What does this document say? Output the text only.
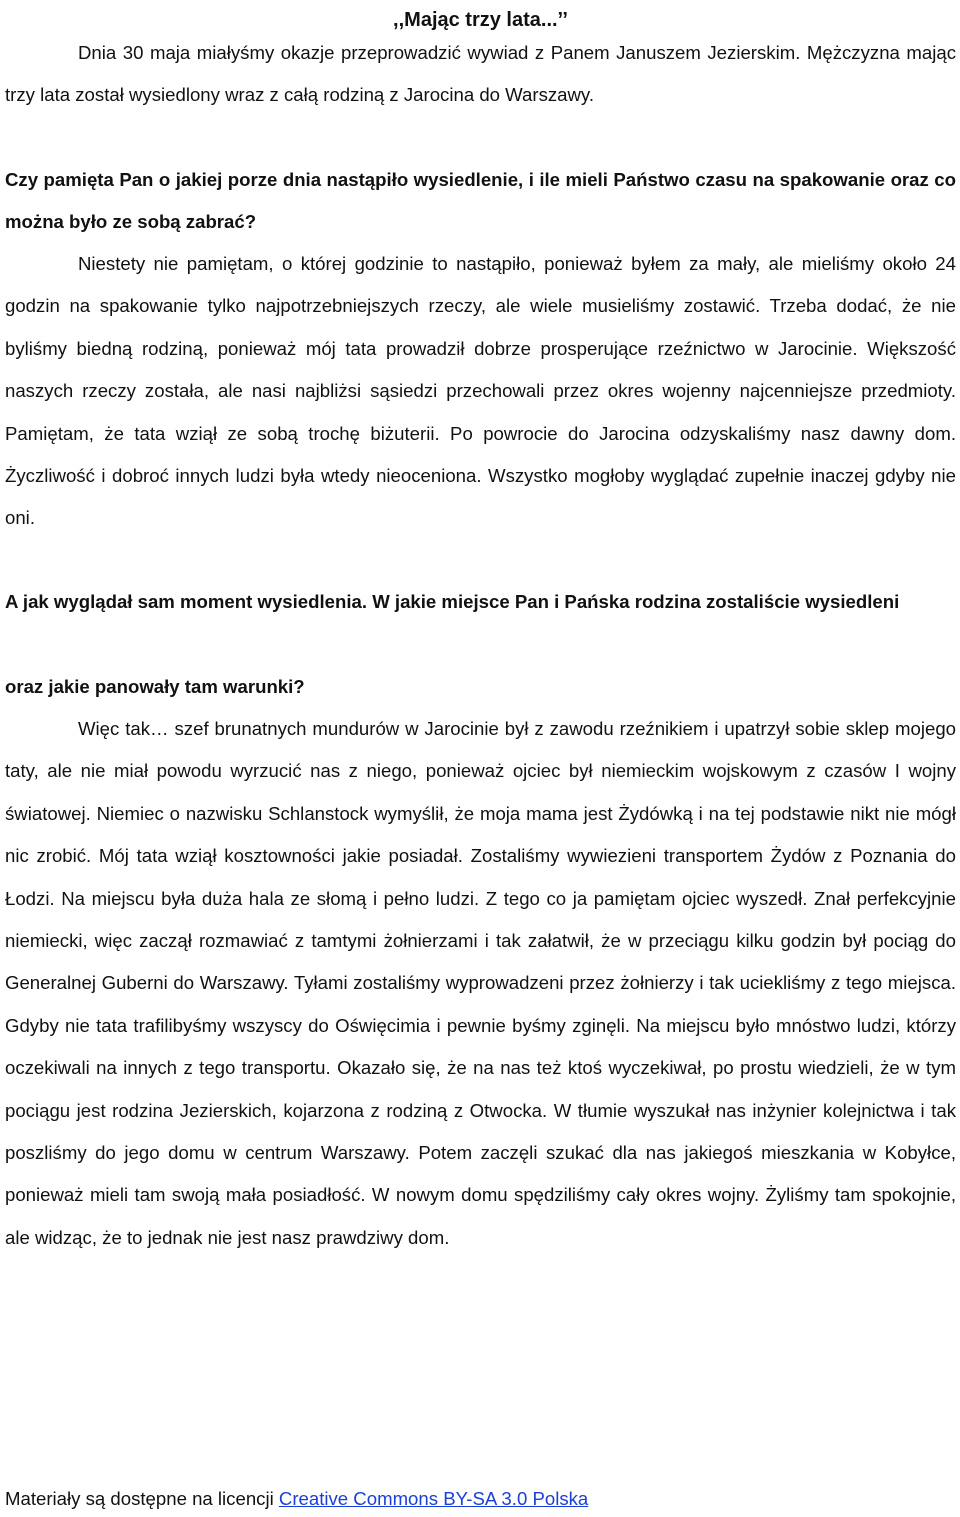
,,Mając trzy lata...’’

Dnia 30 maja miałyśmy okazje przeprowadzić wywiad z Panem Januszem Jezierskim. Mężczyzna mając trzy lata został wysiedlony wraz z całą rodziną z Jarocina do Warszawy.

Czy pamięta Pan o jakiej porze dnia nastąpiło wysiedlenie, i ile mieli Państwo czasu na spakowanie oraz co można było ze sobą zabrać?

Niestety nie pamiętam, o której godzinie to nastąpiło, ponieważ byłem za mały, ale mieliśmy około 24 godzin na spakowanie tylko najpotrzebniejszych rzeczy, ale wiele musieliśmy zostawić. Trzeba dodać, że nie byliśmy biedną rodziną, ponieważ mój tata prowadził dobrze prosperujące rzeźnictwo w Jarocinie. Większość naszych rzeczy została, ale nasi najbliżsi sąsiedzi przechowali przez okres wojenny najcenniejsze przedmioty. Pamiętam, że tata wziął ze sobą trochę biżuterii. Po powrocie do Jarocina odzyskaliśmy nasz dawny dom. Życzliwość i dobroć innych ludzi była wtedy nieoceniona. Wszystko mogłoby wyglądać zupełnie inaczej gdyby nie oni.

A jak wyglądał sam moment wysiedlenia. W jakie miejsce Pan i Pańska rodzina zostaliście wysiedleni

oraz jakie panowały tam warunki?

Więc tak… szef brunatnych mundurów w Jarocinie był z zawodu rzeźnikiem i upatrzył sobie sklep mojego taty, ale nie miał powodu wyrzucić nas z niego, ponieważ ojciec był niemieckim wojskowym z czasów I wojny światowej. Niemiec o nazwisku Schlanstock wymyślił, że moja mama jest Żydówką i na tej podstawie nikt nie mógł nic zrobić. Mój tata wziął kosztowności jakie posiadał. Zostaliśmy wywiezieni transportem Żydów z Poznania do Łodzi. Na miejscu była duża hala ze słomą i pełno ludzi. Z tego co ja pamiętam ojciec wyszedł. Znał perfekcyjnie niemiecki, więc zaczął rozmawiać z tamtymi żołnierzami i tak załatwił, że w przeciągu kilku godzin był pociąg do Generalnej Guberni do Warszawy. Tyłami zostaliśmy wyprowadzeni przez żołnierzy i tak uciekliśmy z tego miejsca. Gdyby nie tata trafilibyśmy wszyscy do Oświęcimia i pewnie byśmy zginęli. Na miejscu było mnóstwo ludzi, którzy oczekiwali na innych z tego transportu. Okazało się, że na nas też ktoś wyczekiwał, po prostu wiedzieli, że w tym pociągu jest rodzina Jezierskich, kojarzona z rodziną z Otwocka. W tłumie wyszukał nas inżynier kolejnictwa i tak poszliśmy do jego domu w centrum Warszawy. Potem zaczęli szukać dla nas jakiegoś mieszkania w Kobyłce, ponieważ mieli tam swoją mała posiadłość. W nowym domu spędziliśmy cały okres wojny. Żyliśmy tam spokojnie, ale widząc, że to jednak nie jest nasz prawdziwy dom.

Materiały są dostępne na licencji Creative Commons BY-SA 3.0 Polska
